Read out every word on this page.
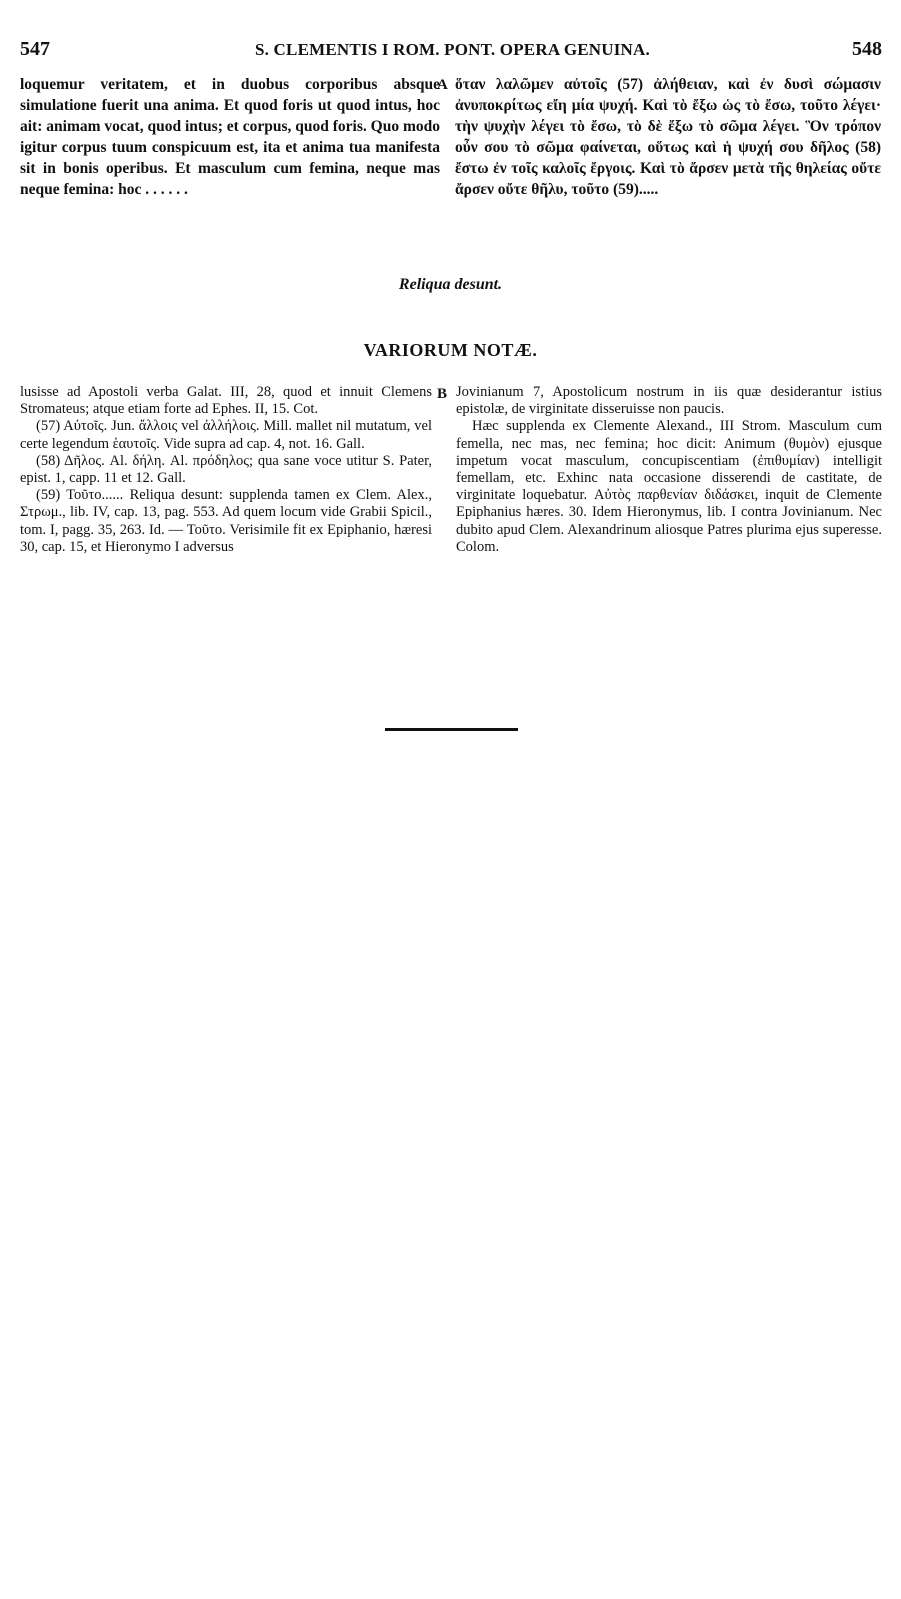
547	S. CLEMENTIS I ROM. PONT. OPERA GENUINA.	548
loquemur veritatem, et in duobus corporibus absque simulatione fuerit una anima. Et quod foris ut quod intus, hoc ait: animam vocat, quod intus; et corpus, quod foris. Quo modo igitur corpus tuum conspicuum est, ita et anima tua manifesta sit in bonis operibus. Et masculum cum femina, neque mas neque femina: hoc . . . . . .
A ὅταν λαλῶμεν αὐτοῖς (57) ἀλήθειαν, καὶ ἐν δυσὶ σώμασιν ἀνυποκρίτως εἴη μία ψυχή. Καὶ τὸ ἔξω ὡς τὸ ἔσω, τοῦτο λέγει· τὴν ψυχὴν λέγει τὸ ἔσω, τὸ δὲ ἔξω τὸ σῶμα λέγει. Ὃν τρόπον οὖν σου τὸ σῶμα φαίνεται, οὕτως καὶ ἡ ψυχή σου δῆλος (58) ἔστω ἐν τοῖς καλοῖς ἔργοις. Καὶ τὸ ἄρσεν μετὰ τῆς θηλείας οὔτε ἄρσεν οὔτε θῆλυ, τοῦτο (59).....
Reliqua desunt.
VARIORUM NOTÆ.

lusisse ad Apostoli verba Galat. III, 28, quod et innuit Clemens Stromateus; atque etiam forte ad Ephes. II, 15. Cot.

(57) Αὐτοῖς. Jun. ἄλλοις vel ἀλλήλοις. Mill. mallet nil mutatum, vel certe legendum ἑαυτοῖς. Vide supra ad cap. 4, not. 16. Gall.

(58) Δῆλος. Al. δήλη. Al. πρόδηλος; qua sane voce utitur S. Pater, epist. 1, capp. 11 et 12. Gall.

(59) Τοῦτο...... Reliqua desunt: supplenda tamen ex Clem. Alex., Στρωμ., lib. IV, cap. 13, pag. 553. Ad quem locum vide Grabii Spicil., tom. I, pagg. 35, 263. Id. — Τοῦτο. Verisimile fit ex Epiphanio, hæresi 30, cap. 15, et Hieronymo I adversus

B Jovinianum 7, Apostolicum nostrum in iis quæ desiderantur istius epistolæ, de virginitate disseruisse non paucis.

Hæc supplenda ex Clemente Alexand., III Strom. Masculum cum femella, nec mas, nec femina; hoc dicit: Animum (θυμὸν) ejusque impetum vocat masculum, concupiscentiam (ἐπιθυμίαν) intelligit femellam, etc. Exhinc nata occasione disserendi de castitate, de virginitate loquebatur. Αὐτὸς παρθενίαν διδάσκει, inquit de Clemente Epiphanius hæres. 30. Idem Hieronymus, lib. I contra Jovinianum. Nec dubito apud Clem. Alexandrinum aliosque Patres plurima ejus superesse. Colom.
